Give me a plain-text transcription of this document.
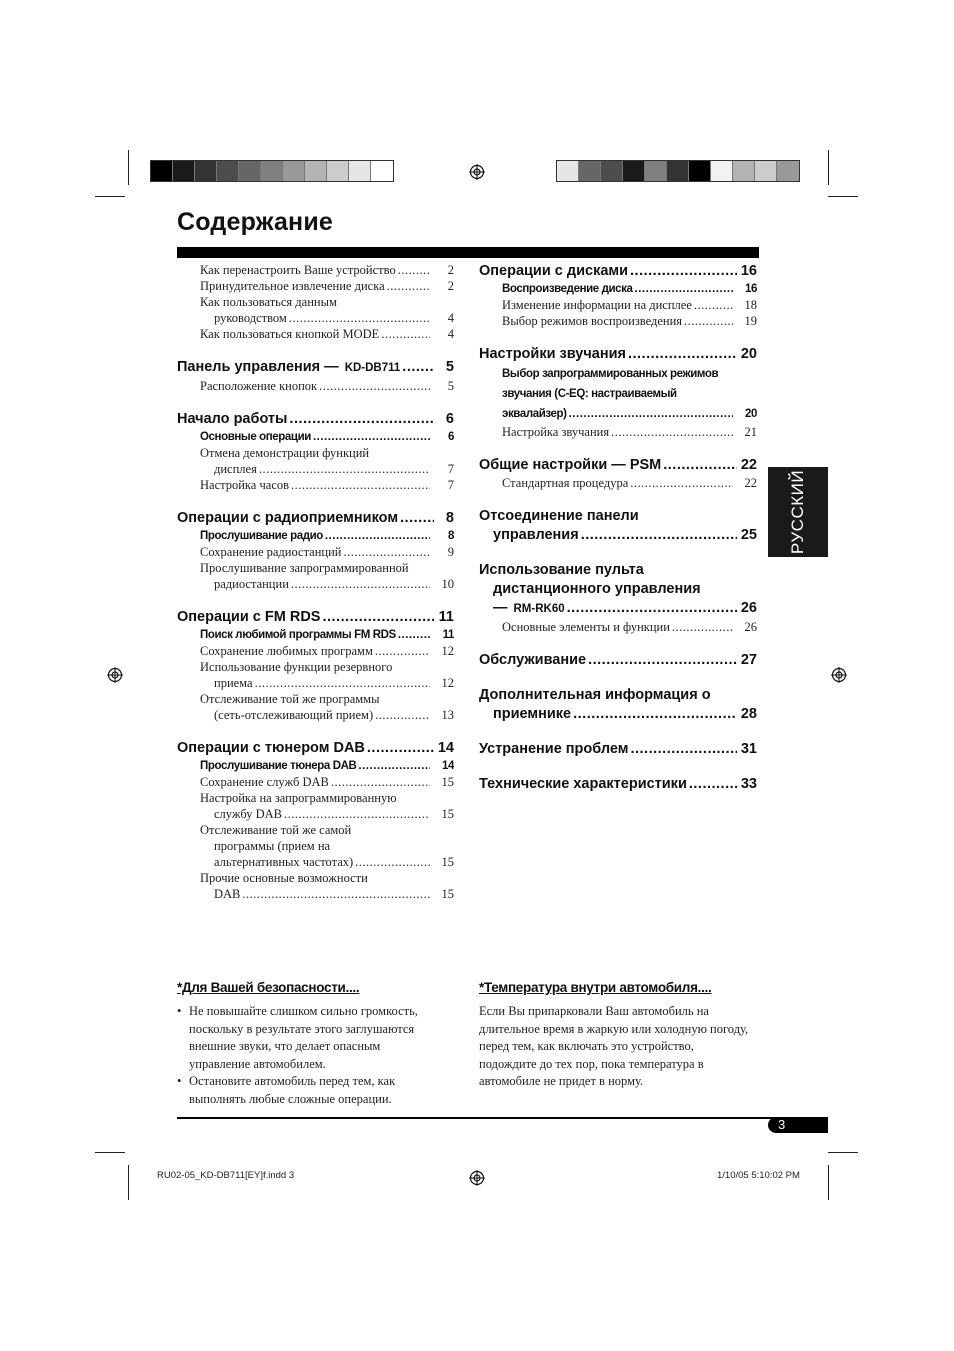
Содержание
Как перенастроить Ваше устройство .....	2
Принудительное извлечение диска .....	2
Как пользоваться данным
руководством .....	4
Как пользоваться кнопкой MODE .....	4
Панель управления — KD-DB711 .....	5
Расположение кнопок .....	5
Начало работы .....	6
Основные операции .....	6
Отмена демонстрации функций
дисплея .....	7
Настройка часов .....	7
Операции с радиоприемником .....	8
Прослушивание радио .....	8
Сохранение радиостанций .....	9
Прослушивание запрограммированной
радиостанции .....	10
Операции с FM RDS .....	11
Поиск любимой программы FM RDS .....	11
Сохранение любимых программ .....	12
Использование функции резервного
приема .....	12
Отслеживание той же программы
(сеть-отслеживающий прием) .....	13
Операции с тюнером DAB .....	14
Прослушивание тюнера DAB .....	14
Сохранение служб DAB .....	15
Настройка на запрограммированную
службу DAB .....	15
Отслеживание той же самой
программы (прием на
альтернативных частотах) .....	15
Прочие основные возможности
DAB .....	15
Операции с дисками .....	16
Воспроизведение диска .....	16
Изменение информации на дисплее .....	18
Выбор режимов воспроизведения .....	19
Настройки звучания .....	20
Выбор запрограммированных режимов
звучания (C-EQ: настраиваемый
эквалайзер) .....	20
Настройка звучания .....	21
Общие настройки — PSM .....	22
Стандартная процедура .....	22
Отсоединение панели
управления .....	25
Использование пульта
дистанционного управления
— RM-RK60 .....	26
Основные элементы и функции .....	26
Обслуживание .....	27
Дополнительная информация о
приемнике .....	28
Устранение проблем .....	31
Технические характеристики .....	33
РУССКИЙ
*Для Вашей безопасности....
• Не повышайте слишком сильно громкость, поскольку в результате этого заглушаются внешние звуки, что делает опасным управление автомобилем.
• Остановите автомобиль перед тем, как выполнять любые сложные операции.
*Температура внутри автомобиля....
Если Вы припарковали Ваш автомобиль на длительное время в жаркую или холодную погоду, перед тем, как включать это устройство, подождите до тех пор, пока температура в автомобиле не придет в норму.
3
RU02-05_KD-DB711[EY]f.indd 3	1/10/05 5:10:02 PM
